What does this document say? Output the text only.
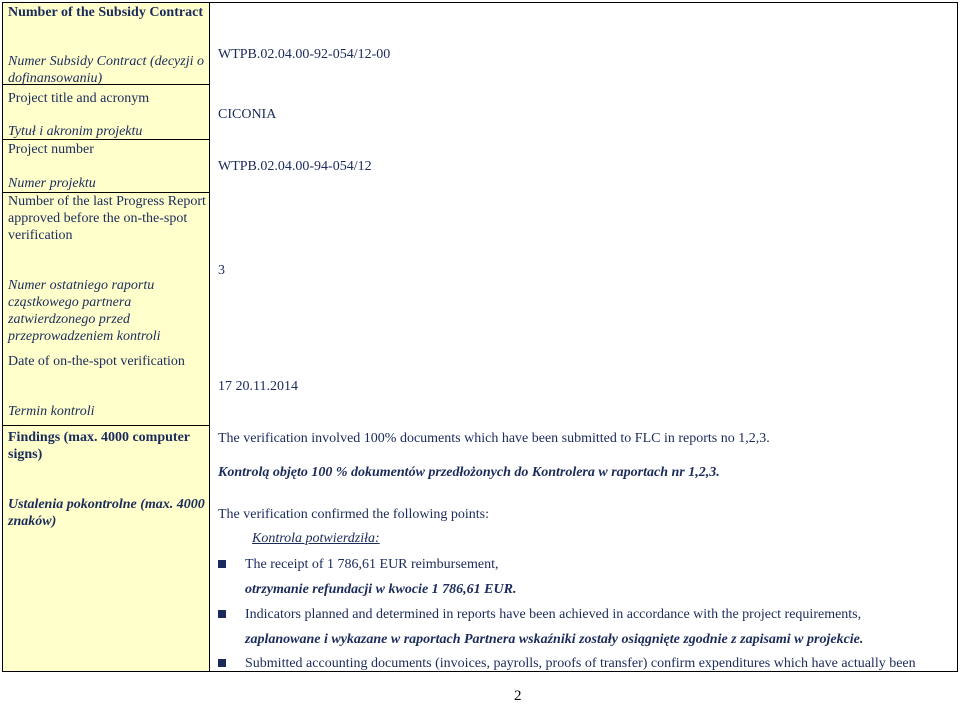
Number of the Subsidy Contract
Numer Subsidy Contract (decyzji o dofinansowaniu)
Project title and acronym
Tytuł i akronim projektu
Project number
Numer projektu
Number of the last Progress Report approved before the on-the-spot verification
Numer ostatniego raportu cząstkowego partnera zatwierdzonego przed przeprowadzeniem kontroli
Date of on-the-spot verification
Termin kontroli
Findings (max. 4000 computer signs)
Ustalenia pokontrolne (max. 4000 znaków)
WTPB.02.04.00-92-054/12-00
CICONIA
WTPB.02.04.00-94-054/12
3
17 20.11.2014
The verification involved 100% documents which have been submitted to FLC in reports no 1,2,3.
Kontrolą objęto 100 % dokumentów przedłożonych do Kontrolera w raportach nr 1,2,3.
The verification confirmed the following points:
Kontrola potwierdziła:
The receipt of 1 786,61 EUR reimbursement,
otrzymanie refundacji w kwocie 1 786,61 EUR.
Indicators planned and determined in reports have been achieved in accordance with the project requirements,
zaplanowane i wykazane w raportach Partnera wskaźniki zostały osiągnięte zgodnie z zapisami w projekcie.
Submitted accounting documents (invoices, payrolls, proofs of transfer) confirm expenditures which have actually been
2
